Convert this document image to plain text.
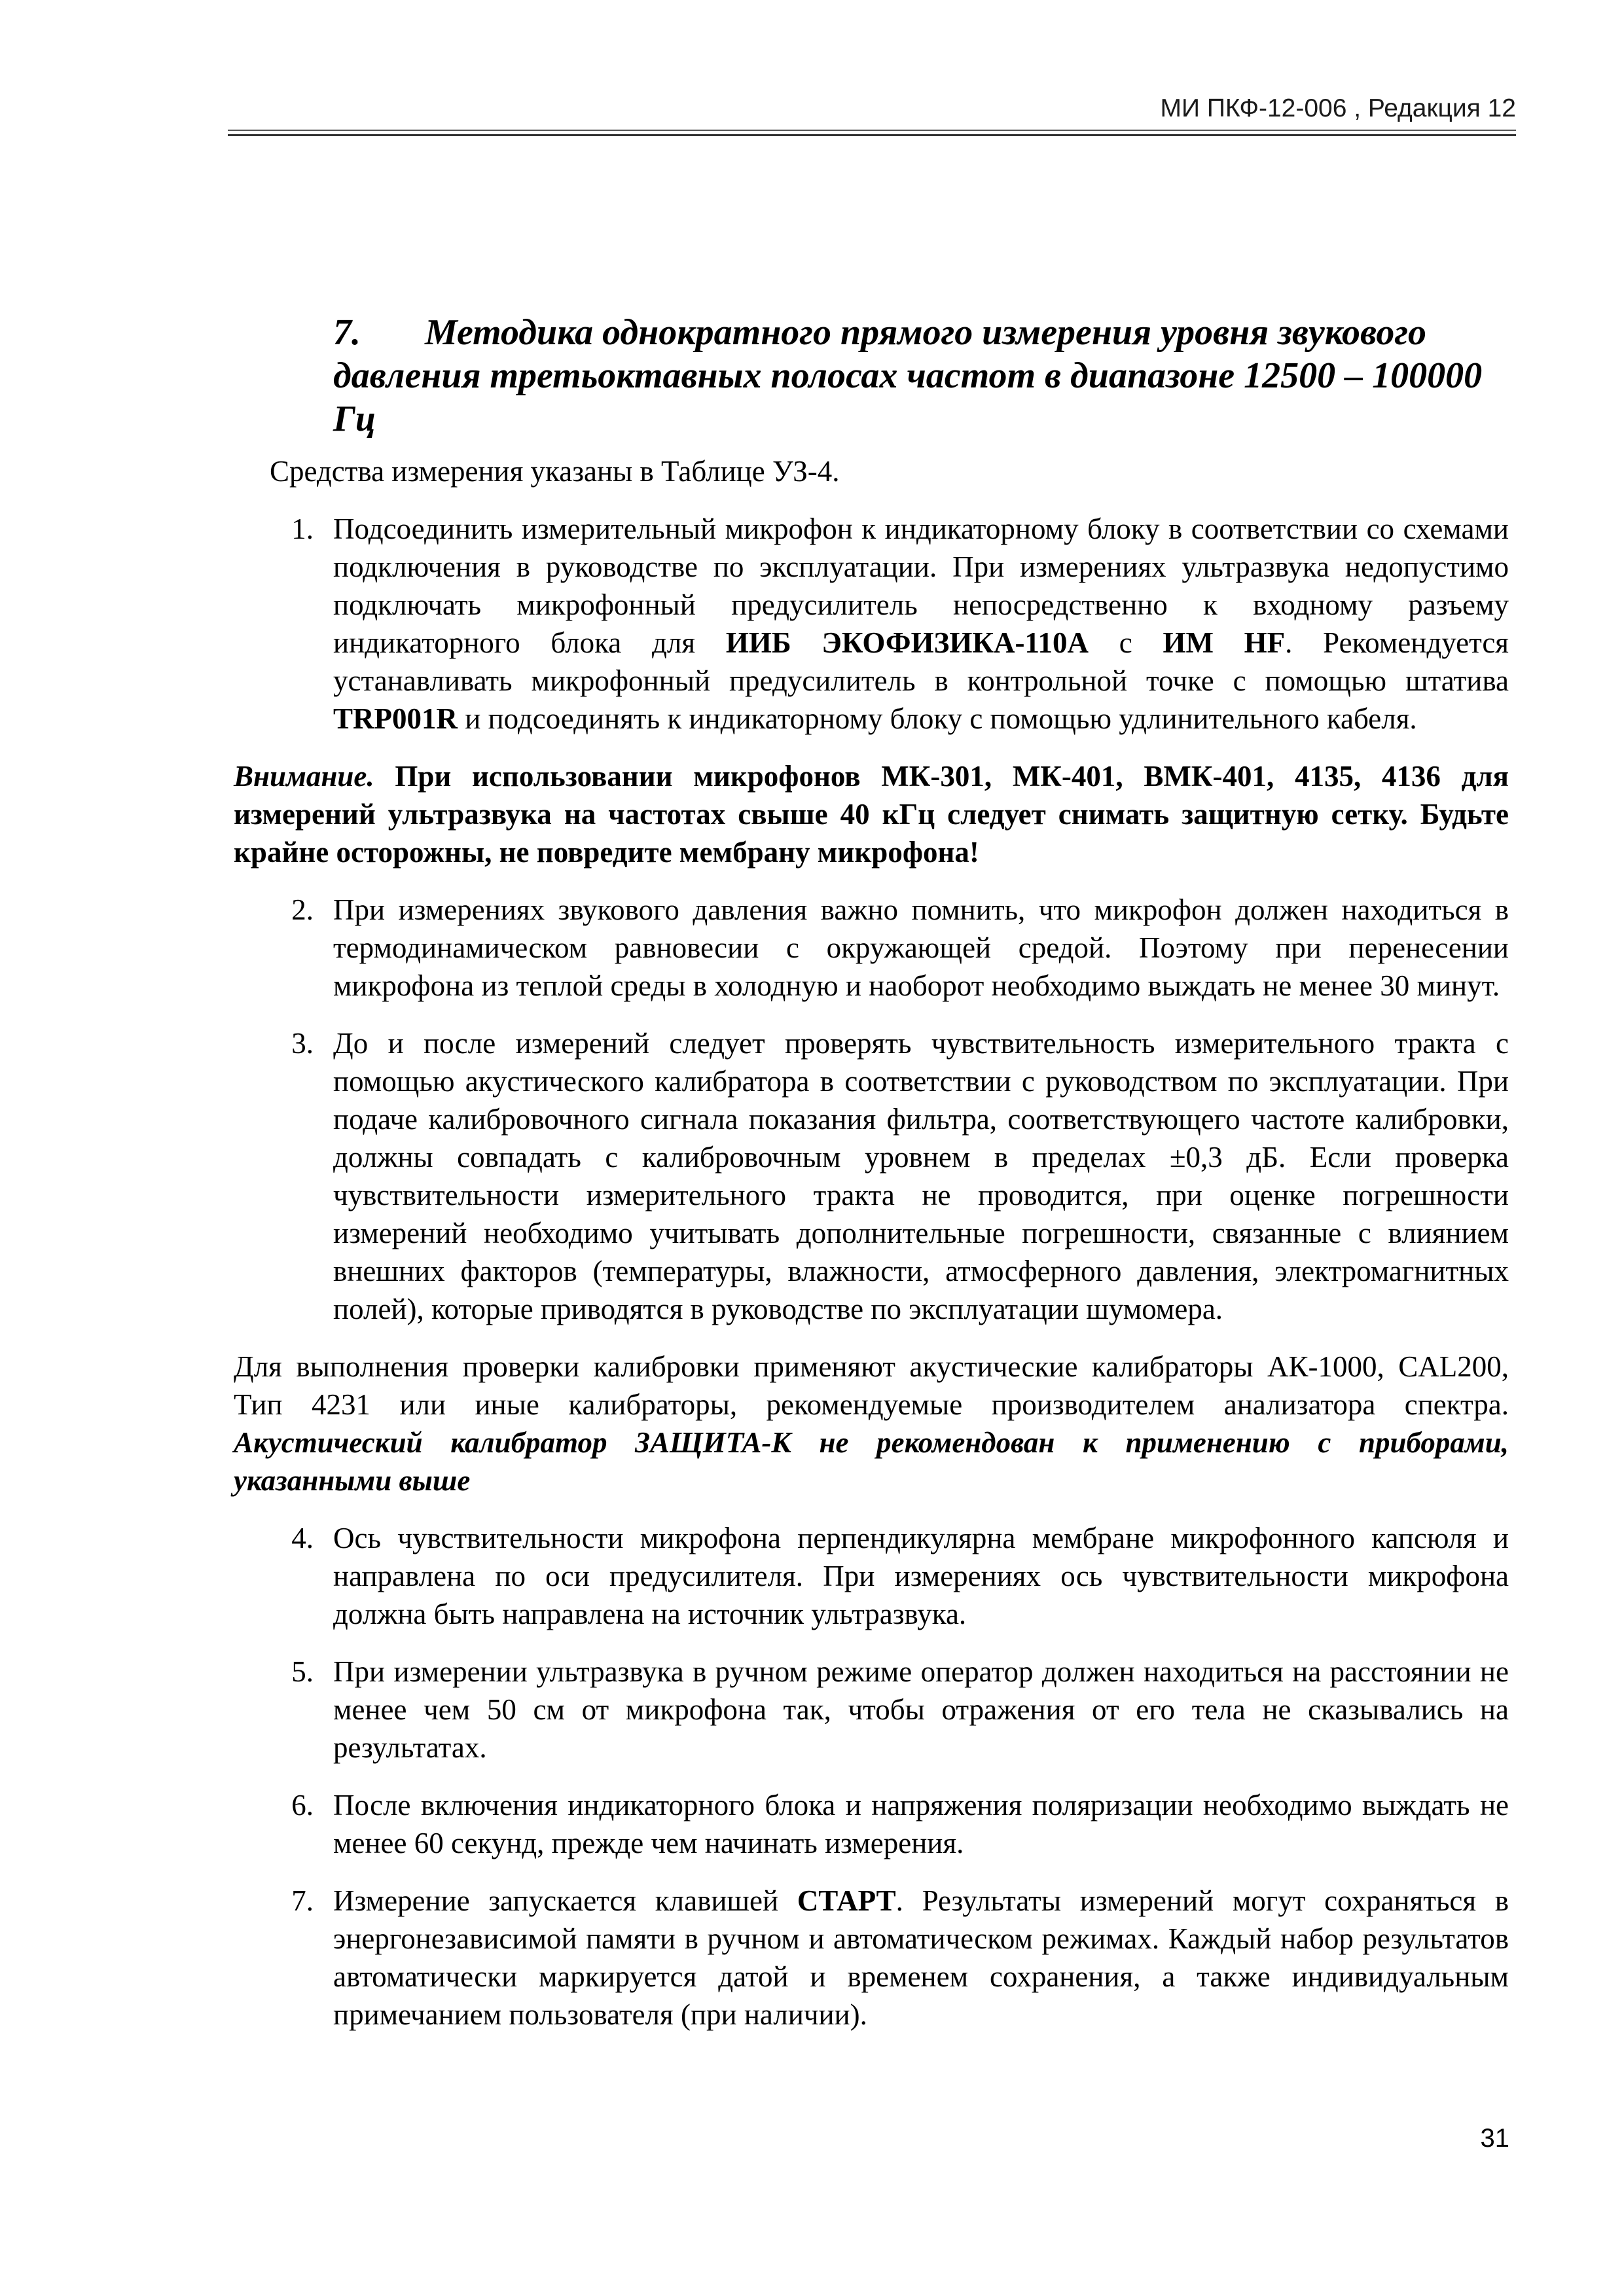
МИ ПКФ-12-006 , Редакция 12
7. Методика однократного прямого измерения уровня звукового давления третьоктавных полосах частот в диапазоне 12500 – 100000 Гц
Средства измерения указаны в Таблице УЗ-4.
1. Подсоединить измерительный микрофон к индикаторному блоку в соответствии со схемами подключения в руководстве по эксплуатации. При измерениях ультразвука недопустимо подключать микрофонный предусилитель непосредственно к входному разъему индикаторного блока для ИИБ ЭКОФИЗИКА-110А с ИМ HF. Рекомендуется устанавливать микрофонный предусилитель в контрольной точке с помощью штатива TRP001R и подсоединять к индикаторному блоку с помощью удлинительного кабеля.
Внимание. При использовании микрофонов МК-301, МК-401, ВМК-401, 4135, 4136 для измерений ультразвука на частотах свыше 40 кГц следует снимать защитную сетку. Будьте крайне осторожны, не повредите мембрану микрофона!
2. При измерениях звукового давления важно помнить, что микрофон должен находиться в термодинамическом равновесии с окружающей средой. Поэтому при перенесении микрофона из теплой среды в холодную и наоборот необходимо выждать не менее 30 минут.
3. До и после измерений следует проверять чувствительность измерительного тракта с помощью акустического калибратора в соответствии с руководством по эксплуатации. При подаче калибровочного сигнала показания фильтра, соответствующего частоте калибровки, должны совпадать с калибровочным уровнем в пределах ±0,3 дБ. Если проверка чувствительности измерительного тракта не проводится, при оценке погрешности измерений необходимо учитывать дополнительные погрешности, связанные с влиянием внешних факторов (температуры, влажности, атмосферного давления, электромагнитных полей), которые приводятся в руководстве по эксплуатации шумомера.
Для выполнения проверки калибровки применяют акустические калибраторы АК-1000, CAL200, Тип 4231 или иные калибраторы, рекомендуемые производителем анализатора спектра. Акустический калибратор ЗАЩИТА-К не рекомендован к применению с приборами, указанными выше
4. Ось чувствительности микрофона перпендикулярна мембране микрофонного капсюля и направлена по оси предусилителя. При измерениях ось чувствительности микрофона должна быть направлена на источник ультразвука.
5. При измерении ультразвука в ручном режиме оператор должен находиться на расстоянии не менее чем 50 см от микрофона так, чтобы отражения от его тела не сказывались на результатах.
6. После включения индикаторного блока и напряжения поляризации необходимо выждать не менее 60 секунд, прежде чем начинать измерения.
7. Измерение запускается клавишей СТАРТ. Результаты измерений могут сохраняться в энергонезависимой памяти в ручном и автоматическом режимах. Каждый набор результатов автоматически маркируется датой и временем сохранения, а также индивидуальным примечанием пользователя (при наличии).
31
